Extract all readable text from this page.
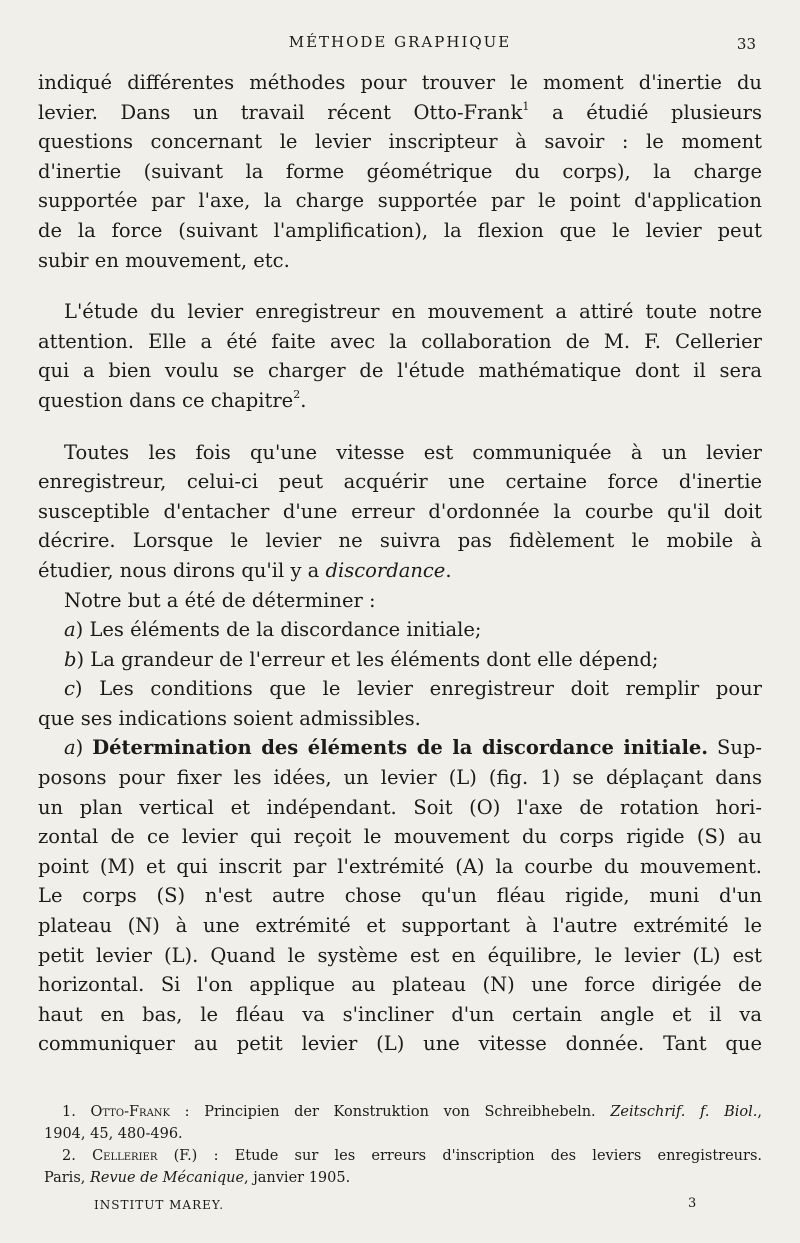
MÉTHODE GRAPHIQUE	33
indiqué différentes méthodes pour trouver le moment d'inertie du
levier. Dans un travail récent Otto-Frank$^1$ a étudié plusieurs
questions concernant le levier inscripteur à savoir : le moment
d'inertie (suivant la forme géométrique du corps), la charge
supportée par l'axe, la charge supportée par le point d'application
de la force (suivant l'amplification), la flexion que le levier peut
subir en mouvement, etc.
L'étude du levier enregistreur en mouvement a attiré toute notre
attention. Elle a été faite avec la collaboration de M. F. Cellerier
qui a bien voulu se charger de l'étude mathématique dont il sera
question dans ce chapitre$^2$.
Toutes les fois qu'une vitesse est communiquée à un levier
enregistreur, celui-ci peut acquérir une certaine force d'inertie
susceptible d'entacher d'une erreur d'ordonnée la courbe qu'il doit
décrire. Lorsque le levier ne suivra pas fidèlement le mobile à
étudier, nous dirons qu'il y a discordance.
Notre but a été de déterminer :
a) Les éléments de la discordance initiale;
b) La grandeur de l'erreur et les éléments dont elle dépend;
c) Les conditions que le levier enregistreur doit remplir pour
que ses indications soient admissibles.
a) Détermination des éléments de la discordance initiale. Sup-
posons pour fixer les idées, un levier (L) (fig. 1) se déplaçant dans
un plan vertical et indépendant. Soit (O) l'axe de rotation hori-
zontal de ce levier qui reçoit le mouvement du corps rigide (S) au
point (M) et qui inscrit par l'extrémité (A) la courbe du mouvement.
Le corps (S) n'est autre chose qu'un fléau rigide, muni d'un
plateau (N) à une extrémité et supportant à l'autre extrémité le
petit levier (L). Quand le système est en équilibre, le levier (L) est
horizontal. Si l'on applique au plateau (N) une force dirigée de
haut en bas, le fléau va s'incliner d'un certain angle et il va
communiquer au petit levier (L) une vitesse donnée. Tant que
1. Otto-Frank : Principien der Konstruktion von Schreibhebeln. Zeitschrif. f. Biol.,
1904, 45, 480-496.
2. Cellerier (F.) : Etude sur les erreurs d'inscription des leviers enregistreurs.
Paris, Revue de Mécanique, janvier 1905.
INSTITUT MAREY.	3
